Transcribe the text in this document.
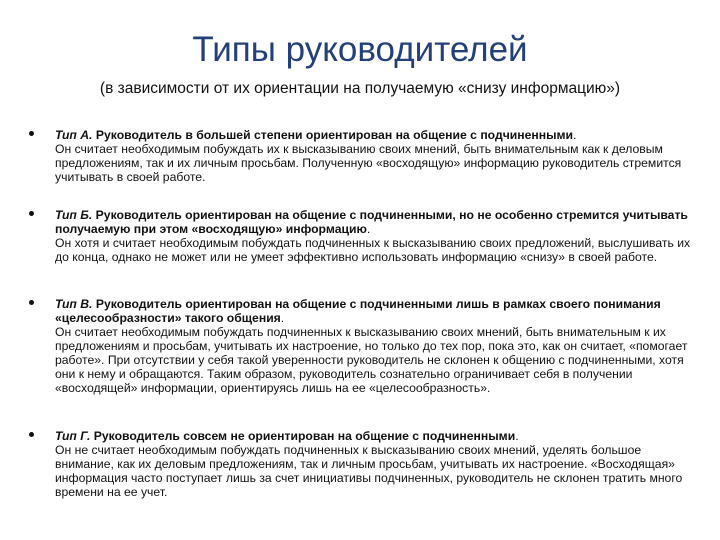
Типы руководителей
(в зависимости от их ориентации на получаемую «снизу информацию»)

Тип А. Руководитель в большей степени ориентирован на общение с подчиненными.
Он считает необходимым побуждать их к высказыванию своих мнений, быть внимательным как к деловым предложениям, так и их личным просьбам. Полученную «восходящую» информацию руководитель стремится учитывать в своей работе.

Тип Б. Руководитель ориентирован на общение с подчиненными, но не особенно стремится учитывать получаемую при этом «восходящую» информацию.
Он хотя и считает необходимым побуждать подчиненных к высказыванию своих предложений, выслушивать их до конца, однако не может или не умеет эффективно использовать информацию «снизу» в своей работе.

Тип В. Руководитель ориентирован на общение с подчиненными лишь в рамках своего понимания «целесообразности» такого общения.
Он считает необходимым побуждать подчиненных к высказыванию своих мнений, быть внимательным к их предложениям и просьбам, учитывать их настроение, но только до тех пор, пока это, как он считает, «помогает работе». При отсутствии у себя такой уверенности руководитель не склонен к общению с подчиненными, хотя они к нему и обращаются. Таким образом, руководитель сознательно ограничивает себя в получении «восходящей» информации, ориентируясь лишь на ее «целесообразность».

Тип Г. Руководитель совсем не ориентирован на общение с подчиненными.
Он не считает необходимым побуждать подчиненных к высказыванию своих мнений, уделять большое внимание, как их деловым предложениям, так и личным просьбам, учитывать их настроение. «Восходящая» информация часто поступает лишь за счет инициативы подчиненных, руководитель не склонен тратить много времени на ее учет.
